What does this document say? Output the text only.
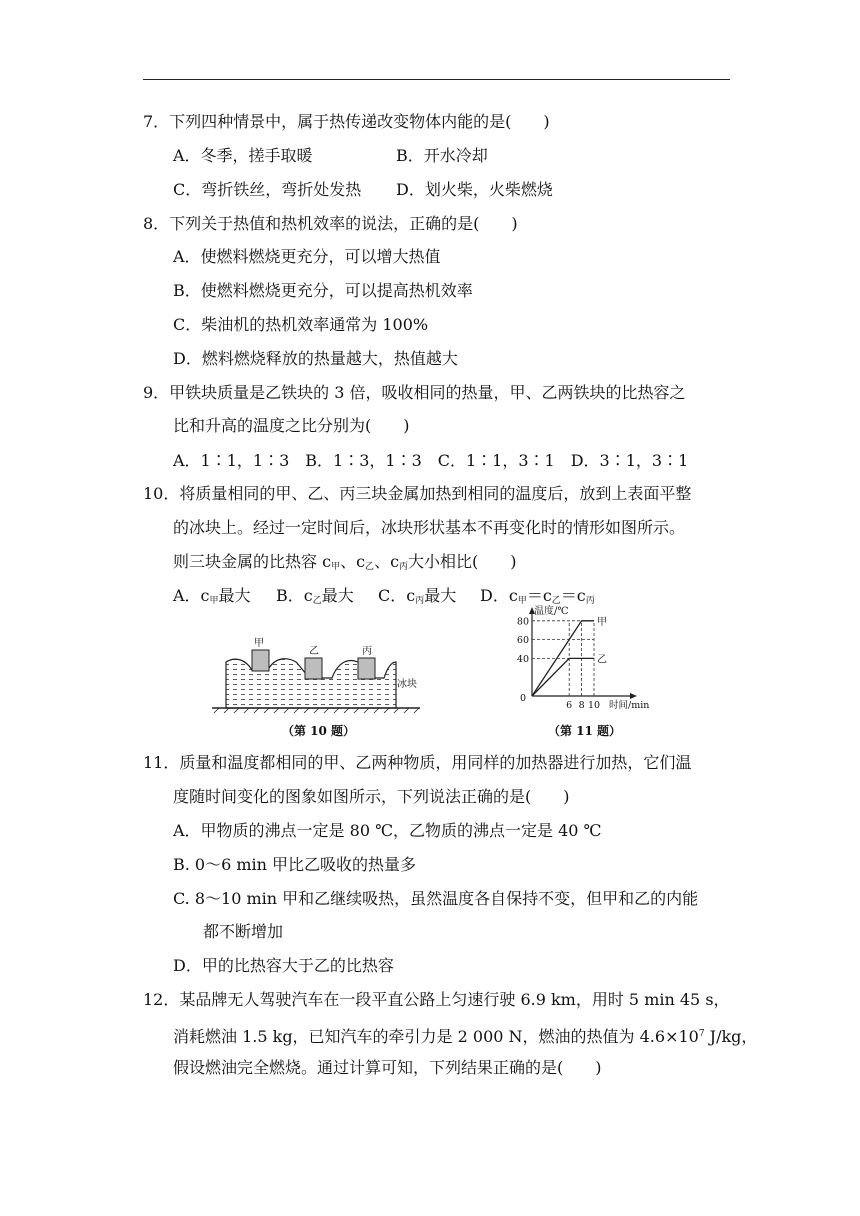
7．下列四种情景中，属于热传递改变物体内能的是(　　)
A．冬季，搓手取暖	B．开水冷却
C．弯折铁丝，弯折处发热 D．划火柴，火柴燃烧
8．下列关于热值和热机效率的说法，正确的是(　　)
A．使燃料燃烧更充分，可以增大热值
B．使燃料燃烧更充分，可以提高热机效率
C．柴油机的热机效率通常为 100%
D．燃料燃烧释放的热量越大，热值越大
9．甲铁块质量是乙铁块的 3 倍，吸收相同的热量，甲、乙两铁块的比热容之
比和升高的温度之比分别为(　　)
A．1∶1，1∶3　B．1∶3，1∶3　C．1∶1，3∶1　D．3∶1，3∶1
10．将质量相同的甲、乙、丙三块金属加热到相同的温度后，放到上表面平整
的冰块上。经过一定时间后，冰块形状基本不再变化时的情形如图所示。
则三块金属的比热容 $c_甲$、$c_乙$、$c_丙$大小相比(　　)
A．$c_甲$最大 B．$c_乙$最大 C．$c_丙$最大 D．$c_甲=c_乙=c_丙$
甲
乙	丙
冰块
（第 10 题）
温度/℃
时间/min
0
40
60
80
6 8 10
甲
乙
（第 11 题）
11．质量和温度都相同的甲、乙两种物质，用同样的加热器进行加热，它们温
度随时间变化的图象如图所示，下列说法正确的是(　　)
A．甲物质的沸点一定是 80 ℃，乙物质的沸点一定是 40 ℃
B. 0～6 min 甲比乙吸收的热量多
C. 8～10 min 甲和乙继续吸热，虽然温度各自保持不变，但甲和乙的内能
都不断增加
D．甲的比热容大于乙的比热容
12．某品牌无人驾驶汽车在一段平直公路上匀速行驶 6.9 km，用时 5 min 45 s，
消耗燃油 1.5 kg，已知汽车的牵引力是 2 000 N，燃油的热值为 $4.6\times 10^7$ J/kg，
假设燃油完全燃烧。通过计算可知，下列结果正确的是(　　)
